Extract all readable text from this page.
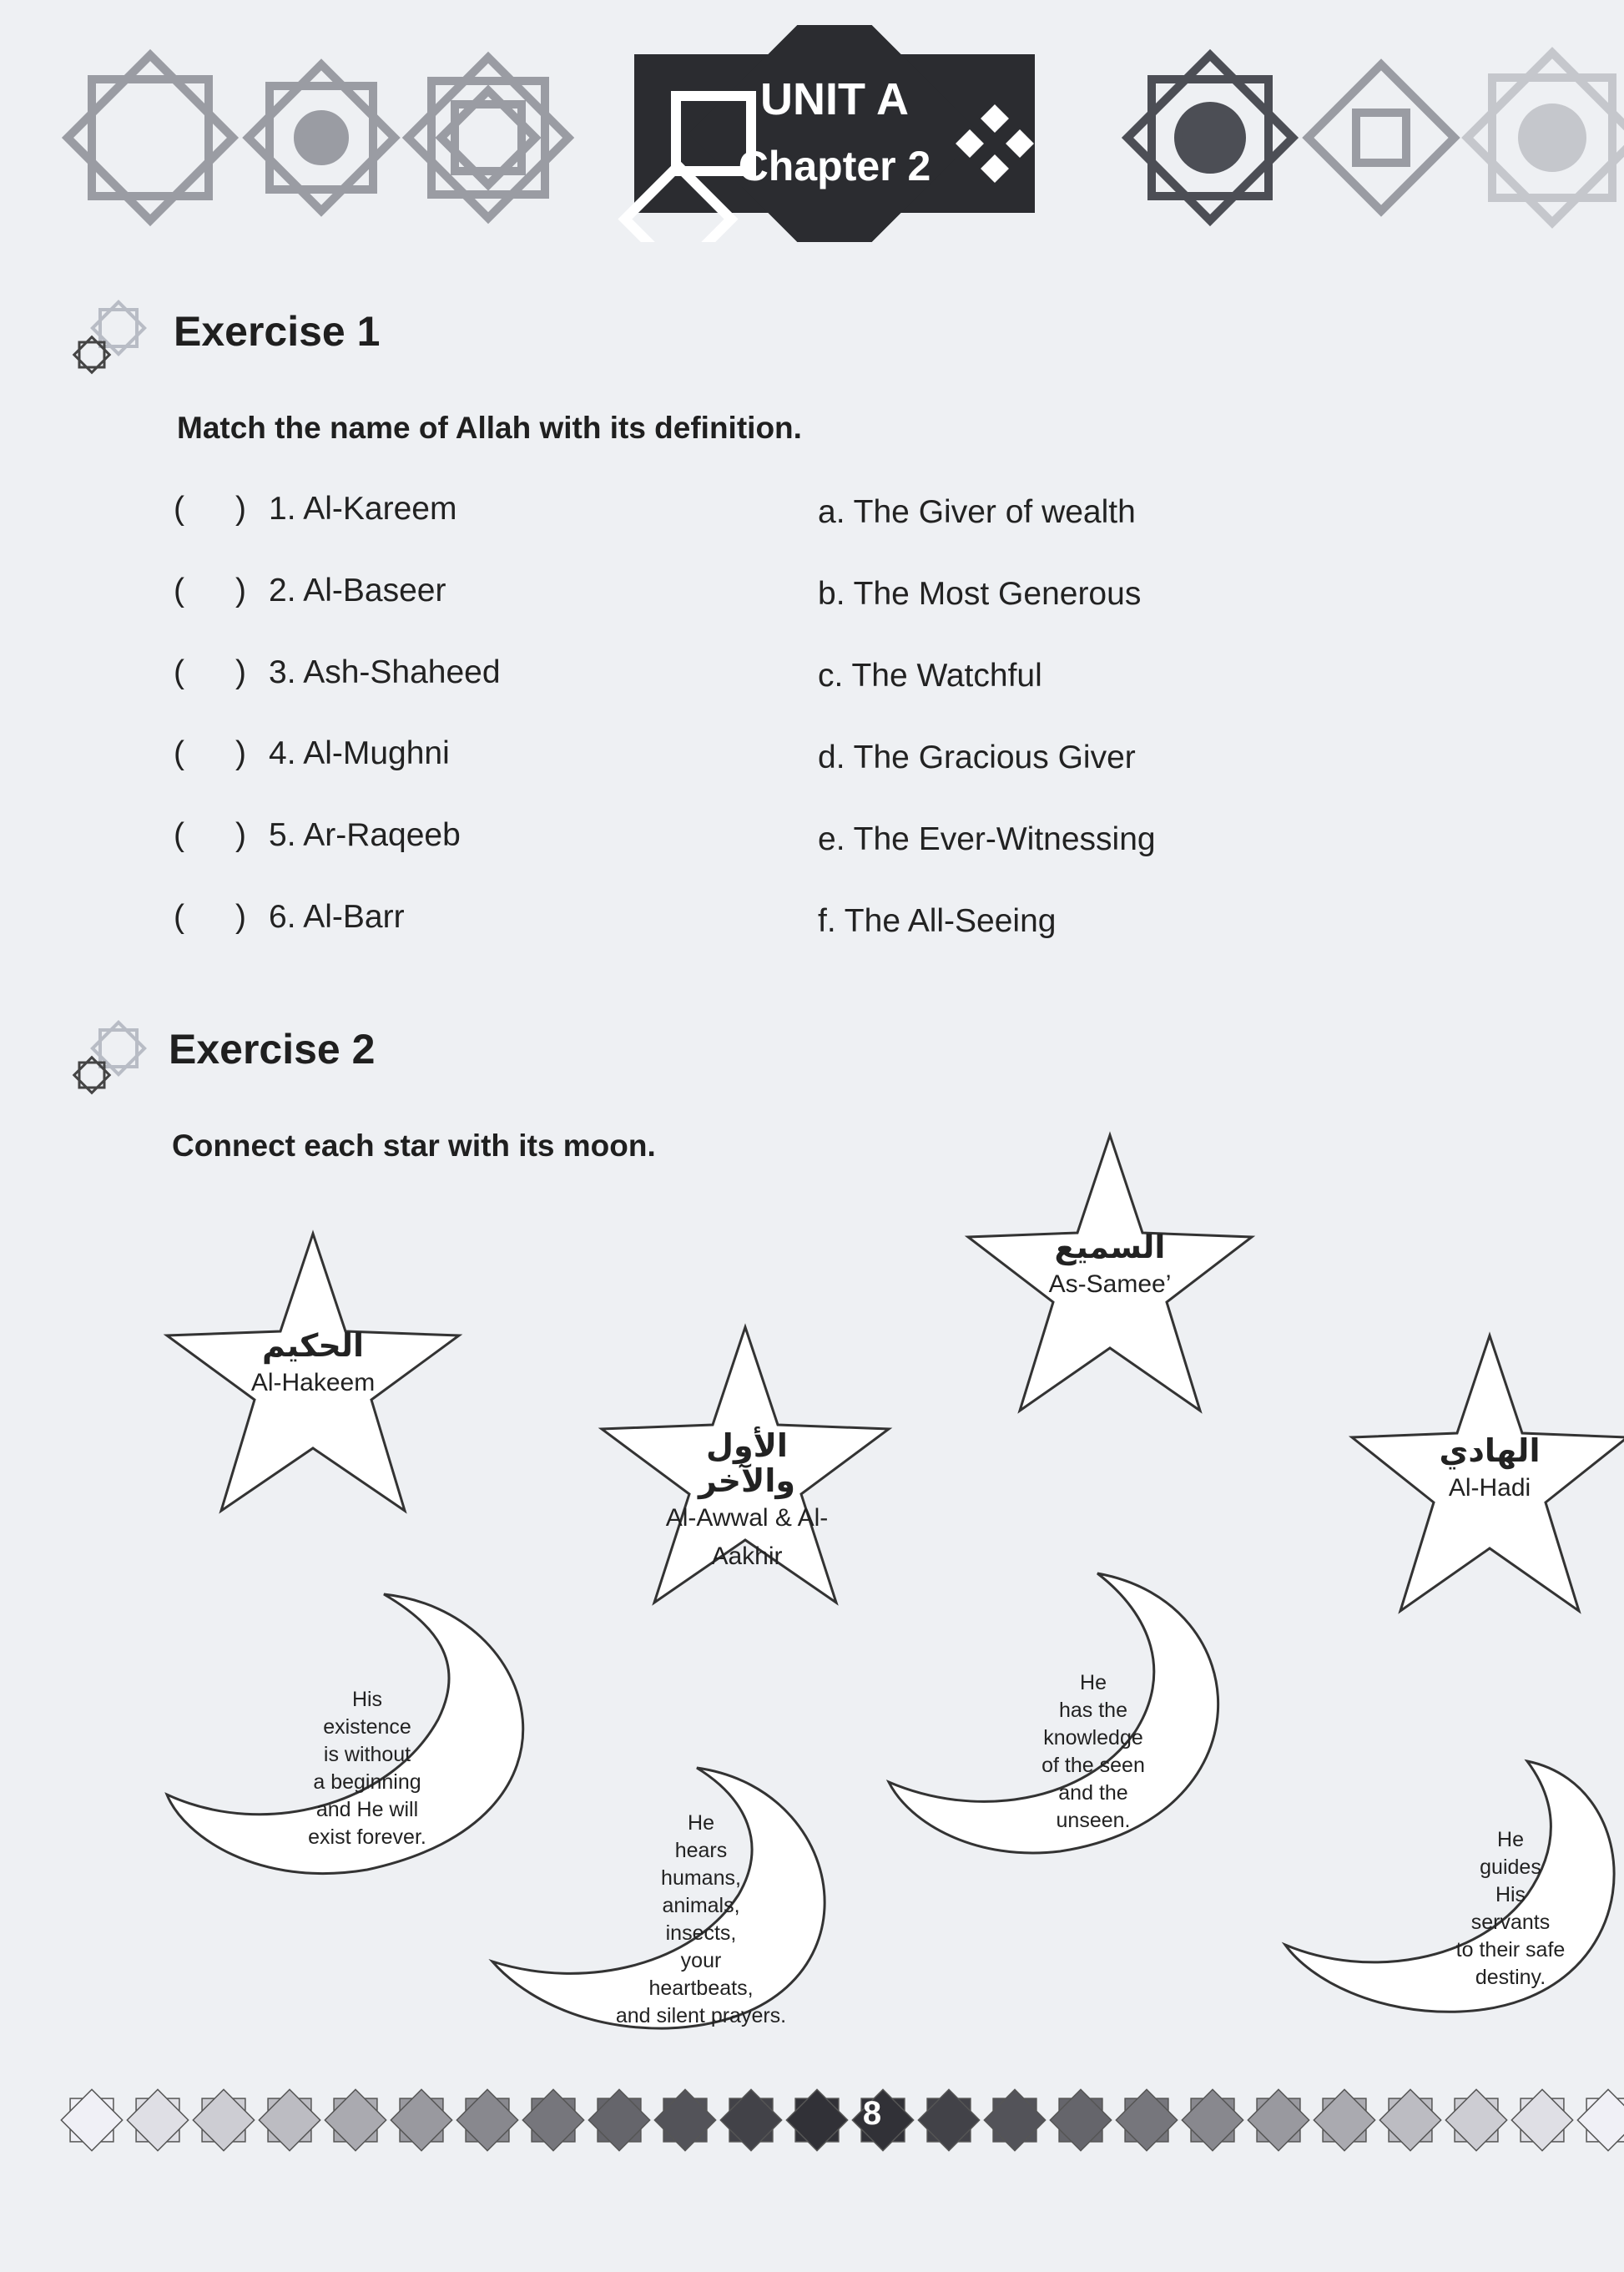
UNIT A
Chapter 2
Exercise 1
Match the name of Allah with its definition.
( ) 1. Al-Kareem	a. The Giver of wealth
( ) 2. Al-Baseer	b. The Most Generous
( ) 3. Ash-Shaheed	c. The Watchful
( ) 4. Al-Mughni	d. The Gracious Giver
( ) 5. Ar-Raqeeb	e. The Ever-Witnessing
( ) 6. Al-Barr	f. The All-Seeing
Exercise 2
Connect each star with its moon.
الحكيم
Al-Hakeem
الأول والآخر
Al-Awwal & Al-Aakhir
السميع
As-Samee’
الهادي
Al-Hadi
His
existence
is without
a beginning
and He will
exist forever.
He
hears
humans,
animals,
insects,
your
heartbeats,
and silent prayers.
He
has the
knowledge
of the seen
and the
unseen.
He
guides
His
servants
to their safe
destiny.
8
